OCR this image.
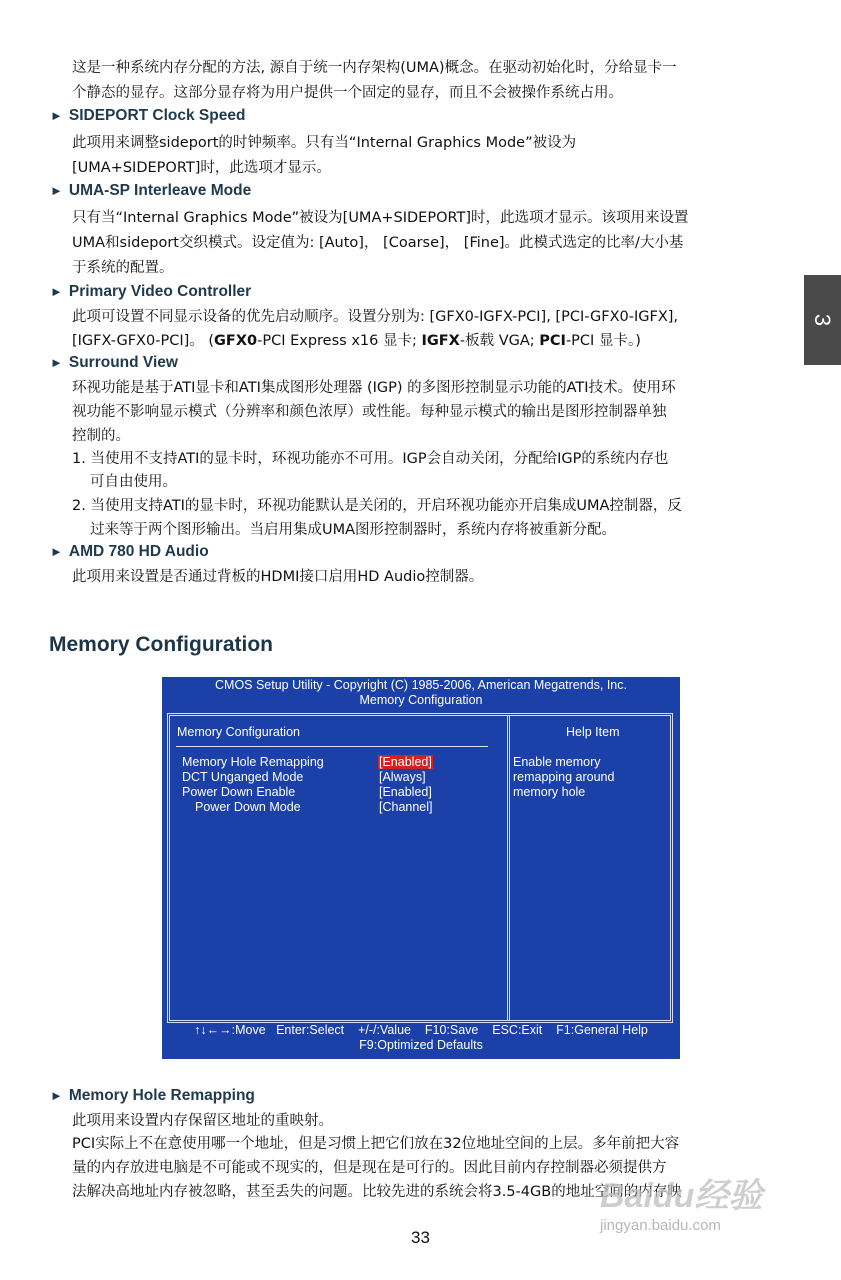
这是一种系统内存分配的方法, 源自于统一内存架构(UMA)概念。在驱动初始化时，分给显卡一

个静态的显存。这部分显存将为用户提供一个固定的显存，而且不会被操作系统占用。

► SIDEPORT Clock Speed

此项用来调整sideport的时钟频率。只有当“Internal Graphics Mode”被设为

[UMA+SIDEPORT]时，此选项才显示。

► UMA-SP Interleave Mode

只有当“Internal Graphics Mode”被设为[UMA+SIDEPORT]时，此选项才显示。该项用来设置

UMA和sideport交织模式。设定值为: [Auto]， [Coarse]， [Fine]。此模式选定的比率/大小基

于系统的配置。

► Primary Video Controller

此项可设置不同显示设备的优先启动顺序。设置分别为: [GFX0-IGFX-PCI], [PCI-GFX0-IGFX],

[IGFX-GFX0-PCI]。 (GFX0-PCI Express x16 显卡; IGFX-板载 VGA; PCI-PCI 显卡。)

► Surround View

环视功能是基于ATI显卡和ATI集成图形处理器 (IGP) 的多图形控制显示功能的ATI技术。使用环

视功能不影响显示模式（分辨率和颜色浓厚）或性能。每种显示模式的输出是图形控制器单独

控制的。

1. 当使用不支持ATI的显卡时，环视功能亦不可用。IGP会自动关闭，分配给IGP的系统内存也

可自由使用。

2. 当使用支持ATI的显卡时，环视功能默认是关闭的，开启环视功能亦开启集成UMA控制器，反

过来等于两个图形输出。当启用集成UMA图形控制器时，系统内存将被重新分配。

► AMD 780 HD Audio

此项用来设置是否通过背板的HDMI接口启用HD Audio控制器。

Memory Configuration
CMOS Setup Utility - Copyright (C) 1985-2006, American Megatrends, Inc.
Memory Configuration
Memory Configuration	Help Item
Memory Hole Remapping	[Enabled]
DCT Unganged Mode	[Always]
Power Down Enable	[Enabled]
Power Down Mode	[Channel]
Enable memory
remapping around
memory hole
↑↓←→:Move   Enter:Select    +/-/:Value    F10:Save    ESC:Exit    F1:General Help
F9:Optimized Defaults
► Memory Hole Remapping

此项用来设置内存保留区地址的重映射。

PCI实际上不在意使用哪一个地址，但是习惯上把它们放在32位地址空间的上层。多年前把大容

量的内存放进电脑是不可能或不现实的，但是现在是可行的。因此目前内存控制器必须提供方

法解决高地址内存被忽略，甚至丢失的问题。比较先进的系统会将3.5-4GB的地址空间的内存映

3
Baidu经验
jingyan.baidu.com
33
